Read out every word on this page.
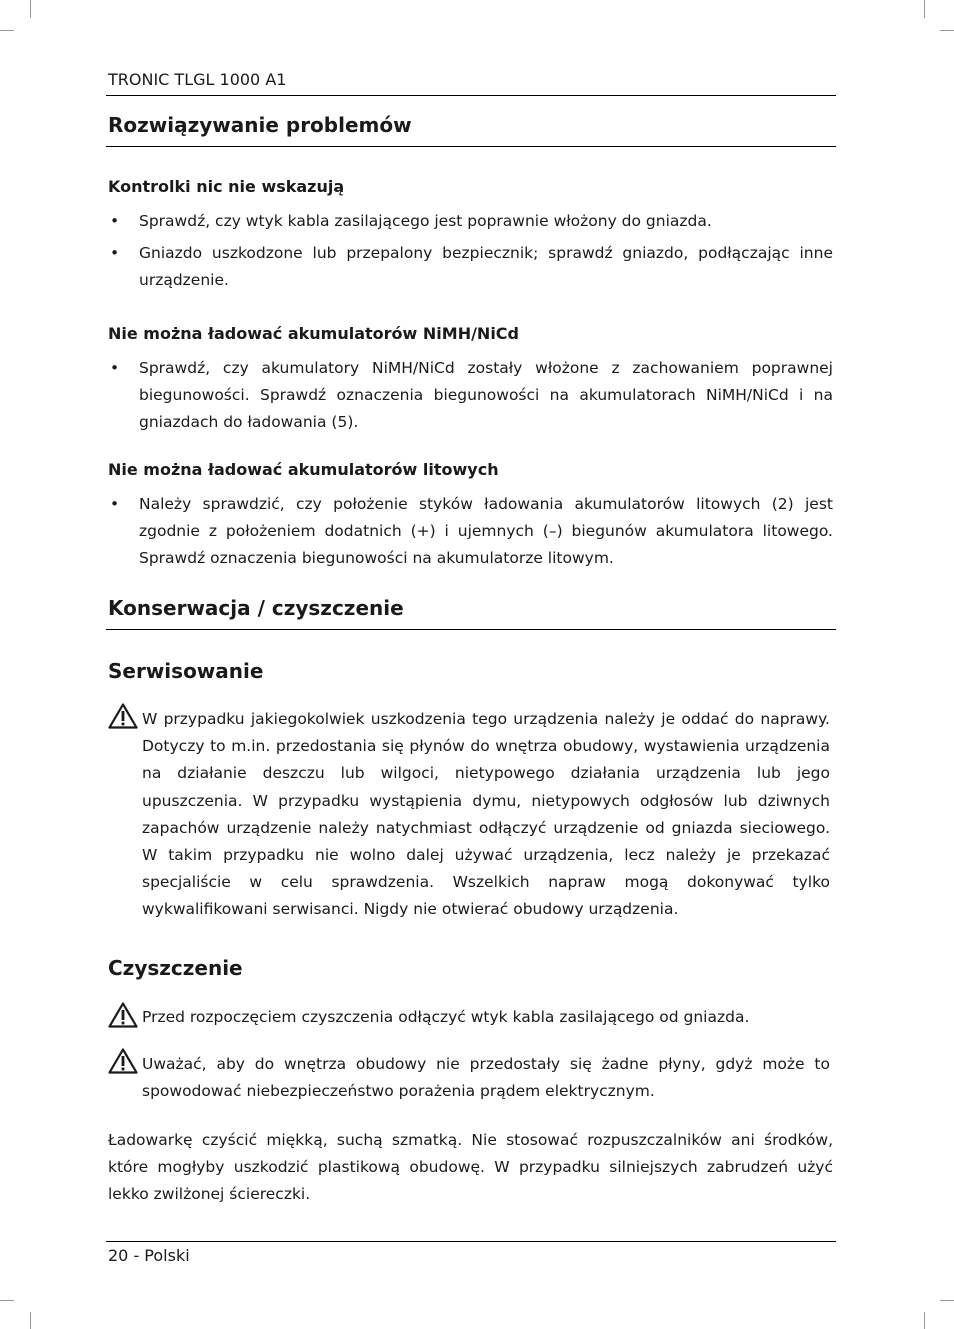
TRONIC TLGL 1000 A1
Rozwiązywanie problemów
Kontrolki nic nie wskazują
• Sprawdź, czy wtyk kabla zasilającego jest poprawnie włożony do gniazda.
• Gniazdo uszkodzone lub przepalony bezpiecznik; sprawdź gniazdo, podłączając inne urządzenie.
Nie można ładować akumulatorów NiMH/NiCd
• Sprawdź, czy akumulatory NiMH/NiCd zostały włożone z zachowaniem poprawnej biegunowości. Sprawdź oznaczenia biegunowości na akumulatorach NiMH/NiCd i na gniazdach do ładowania (5).
Nie można ładować akumulatorów litowych
• Należy sprawdzić, czy położenie styków ładowania akumulatorów litowych (2) jest zgodnie z położeniem dodatnich (+) i ujemnych (–) biegunów akumulatora litowego. Sprawdź oznaczenia biegunowości na akumulatorze litowym.
Konserwacja / czyszczenie
Serwisowanie
W przypadku jakiegokolwiek uszkodzenia tego urządzenia należy je oddać do naprawy. Dotyczy to m.in. przedostania się płynów do wnętrza obudowy, wystawienia urządzenia na działanie deszczu lub wilgoci, nietypowego działania urządzenia lub jego upuszczenia. W przypadku wystąpienia dymu, nietypowych odgłosów lub dziwnych zapachów urządzenie należy natychmiast odłączyć urządzenie od gniazda sieciowego. W takim przypadku nie wolno dalej używać urządzenia, lecz należy je przekazać specjaliście w celu sprawdzenia. Wszelkich napraw mogą dokonywać tylko wykwalifikowani serwisanci. Nigdy nie otwierać obudowy urządzenia.
Czyszczenie
Przed rozpoczęciem czyszczenia odłączyć wtyk kabla zasilającego od gniazda.
Uważać, aby do wnętrza obudowy nie przedostały się żadne płyny, gdyż może to spowodować niebezpieczeństwo porażenia prądem elektrycznym.
Ładowarkę czyścić miękką, suchą szmatką. Nie stosować rozpuszczalników ani środków, które mogłyby uszkodzić plastikową obudowę. W przypadku silniejszych zabrudzeń użyć lekko zwilżonej ściereczki.
20 - Polski
